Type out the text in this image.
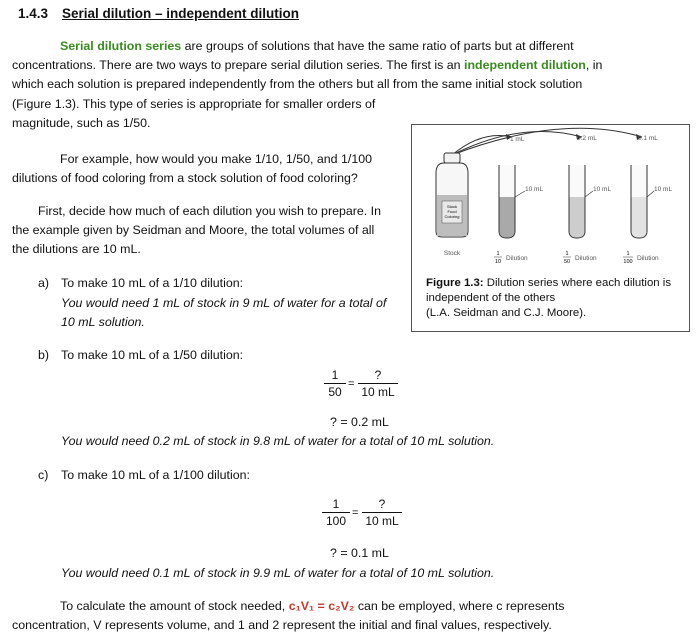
1.4.3 Serial dilution – independent dilution
Serial dilution series are groups of solutions that have the same ratio of parts but at different
concentrations. There are two ways to prepare serial dilution series. The first is an independent dilution, in
which each solution is prepared independently from the others but all from the same initial stock solution
(Figure 1.3). This type of series is appropriate for smaller orders of
magnitude, such as 1/50.
For example, how would you make 1/10, 1/50, and 1/100
dilutions of food coloring from a stock solution of food coloring?
First, decide how much of each dilution you wish to prepare. In
the example given by Seidman and Moore, the total volumes of all
the dilutions are 10 mL.
a) To make 10 mL of a 1/10 dilution:
You would need 1 mL of stock in 9 mL of water for a total of
10 mL solution.
b) To make 10 mL of a 1/50 dilution:
$\frac{1}{50}$ =
?
10 mL
? = 0.2 mL
You would need 0.2 mL of stock in 9.8 mL of water for a total of 10 mL solution.
c) To make 10 mL of a 1/100 dilution:
$\frac{1}{100}$ =
?
10 mL
? = 0.1 mL
You would need 0.1 mL of stock in 9.9 mL of water for a total of 10 mL solution.
To calculate the amount of stock needed, c₁V₁ = c₂V₂ can be employed, where c represents
concentration, V represents volume, and 1 and 2 represent the initial and final values, respectively.
1 mL	0.2 mL	0.1 mL
Stock
Food
Coloring
Stock
10 mL	10 mL	10 mL
1
10 Dilution
1
50 Dilution
1
100 Dilution
Figure 1.3: Dilution series where each dilution is
independent of the others
(L.A. Seidman and C.J. Moore).
